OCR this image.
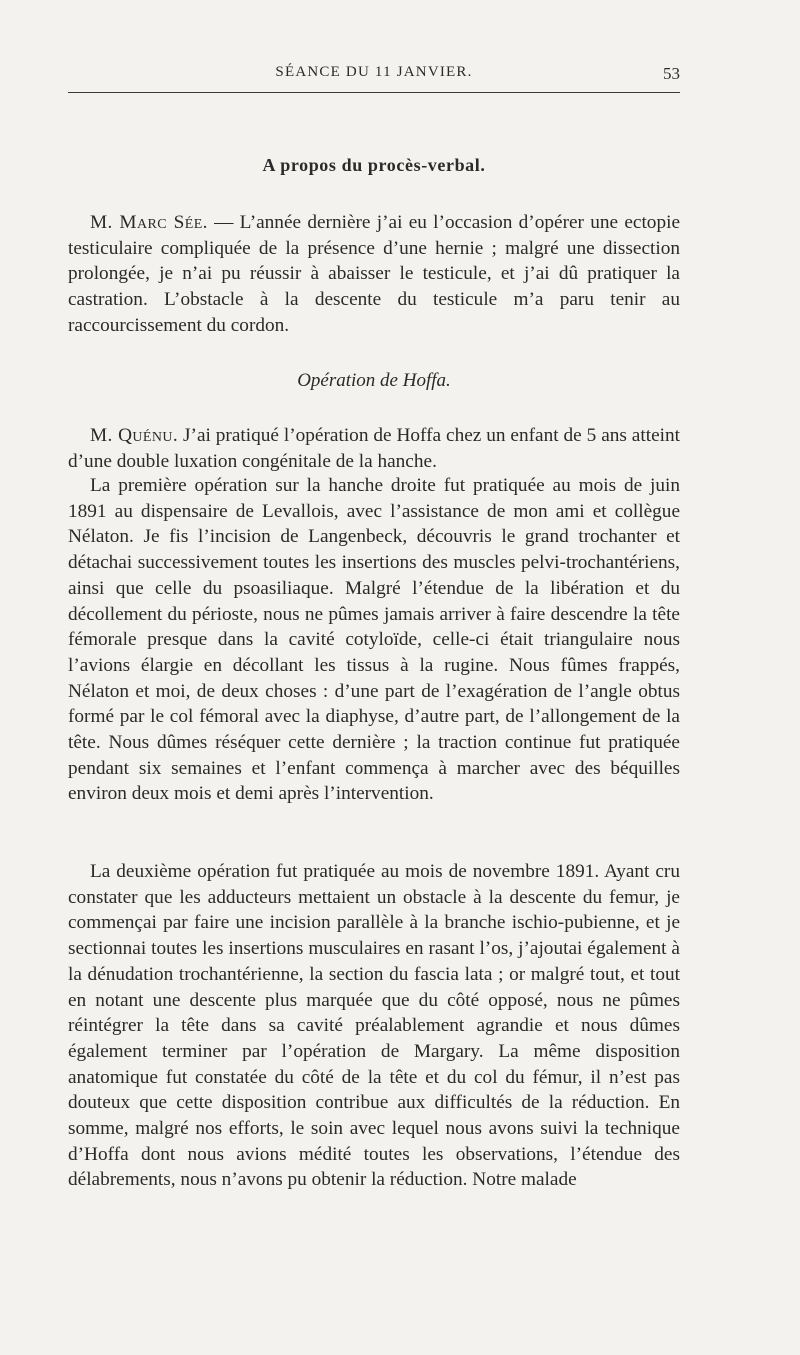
SÉANCE DU 11 JANVIER.	53
A propos du procès-verbal.

M. Marc Sée. — L’année dernière j’ai eu l’occasion d’opérer une ectopie testiculaire compliquée de la présence d’une hernie ; malgré une dissection prolongée, je n’ai pu réussir à abaisser le testicule, et j’ai dû pratiquer la castration. L’obstacle à la descente du testicule m’a paru tenir au raccourcissement du cordon.

Opération de Hoffa.

M. Quénu. J’ai pratiqué l’opération de Hoffa chez un enfant de 5 ans atteint d’une double luxation congénitale de la hanche.

La première opération sur la hanche droite fut pratiquée au mois de juin 1891 au dispensaire de Levallois, avec l’assistance de mon ami et collègue Nélaton. Je fis l’incision de Langenbeck, découvris le grand trochanter et détachai successivement toutes les insertions des muscles pelvi-trochantériens, ainsi que celle du psoasiliaque. Malgré l’étendue de la libération et du décollement du périoste, nous ne pûmes jamais arriver à faire descendre la tête fémorale presque dans la cavité cotyloïde, celle-ci était triangulaire nous l’avions élargie en décollant les tissus à la rugine. Nous fûmes frappés, Nélaton et moi, de deux choses : d’une part de l’exagération de l’angle obtus formé par le col fémoral avec la diaphyse, d’autre part, de l’allongement de la tête. Nous dûmes réséquer cette dernière ; la traction continue fut pratiquée pendant six semaines et l’enfant commença à marcher avec des béquilles environ deux mois et demi après l’intervention.

La deuxième opération fut pratiquée au mois de novembre 1891. Ayant cru constater que les adducteurs mettaient un obstacle à la descente du femur, je commençai par faire une incision parallèle à la branche ischio-pubienne, et je sectionnai toutes les insertions musculaires en rasant l’os, j’ajoutai également à la dénudation trochantérienne, la section du fascia lata ; or malgré tout, et tout en notant une descente plus marquée que du côté opposé, nous ne pûmes réintégrer la tête dans sa cavité préalablement agrandie et nous dûmes également terminer par l’opération de Margary. La même disposition anatomique fut constatée du côté de la tête et du col du fémur, il n’est pas douteux que cette disposition contribue aux difficultés de la réduction. En somme, malgré nos efforts, le soin avec lequel nous avons suivi la technique d’Hoffa dont nous avions médité toutes les observations, l’étendue des délabrements, nous n’avons pu obtenir la réduction. Notre malade
